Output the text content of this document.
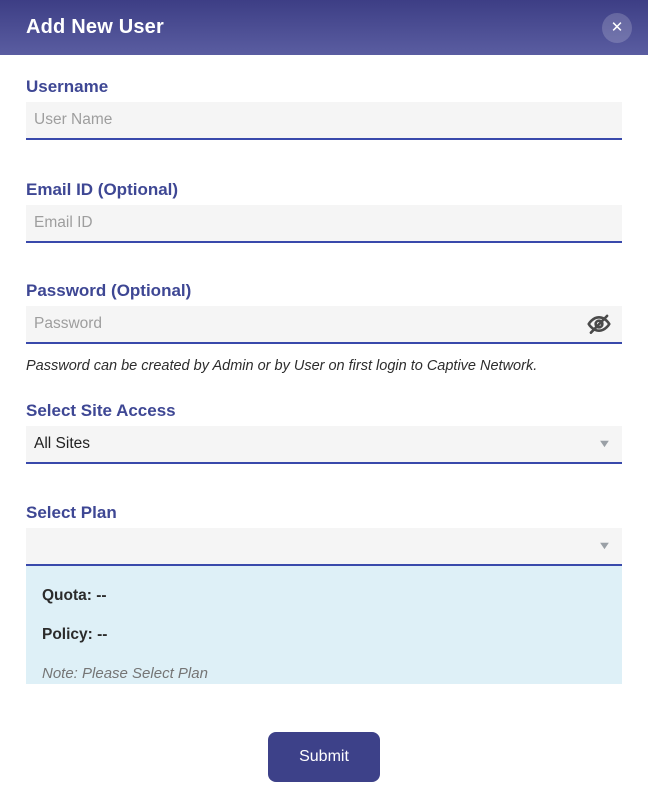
Add New User	✕
Username
User Name
Email ID (Optional)
Email ID
Password (Optional)
Password can be created by Admin or by User on first login to Captive Network.
Select Site Access
All Sites	▼
Select Plan
▼
Quota: --
Policy: --
Note: Please Select Plan
Submit
